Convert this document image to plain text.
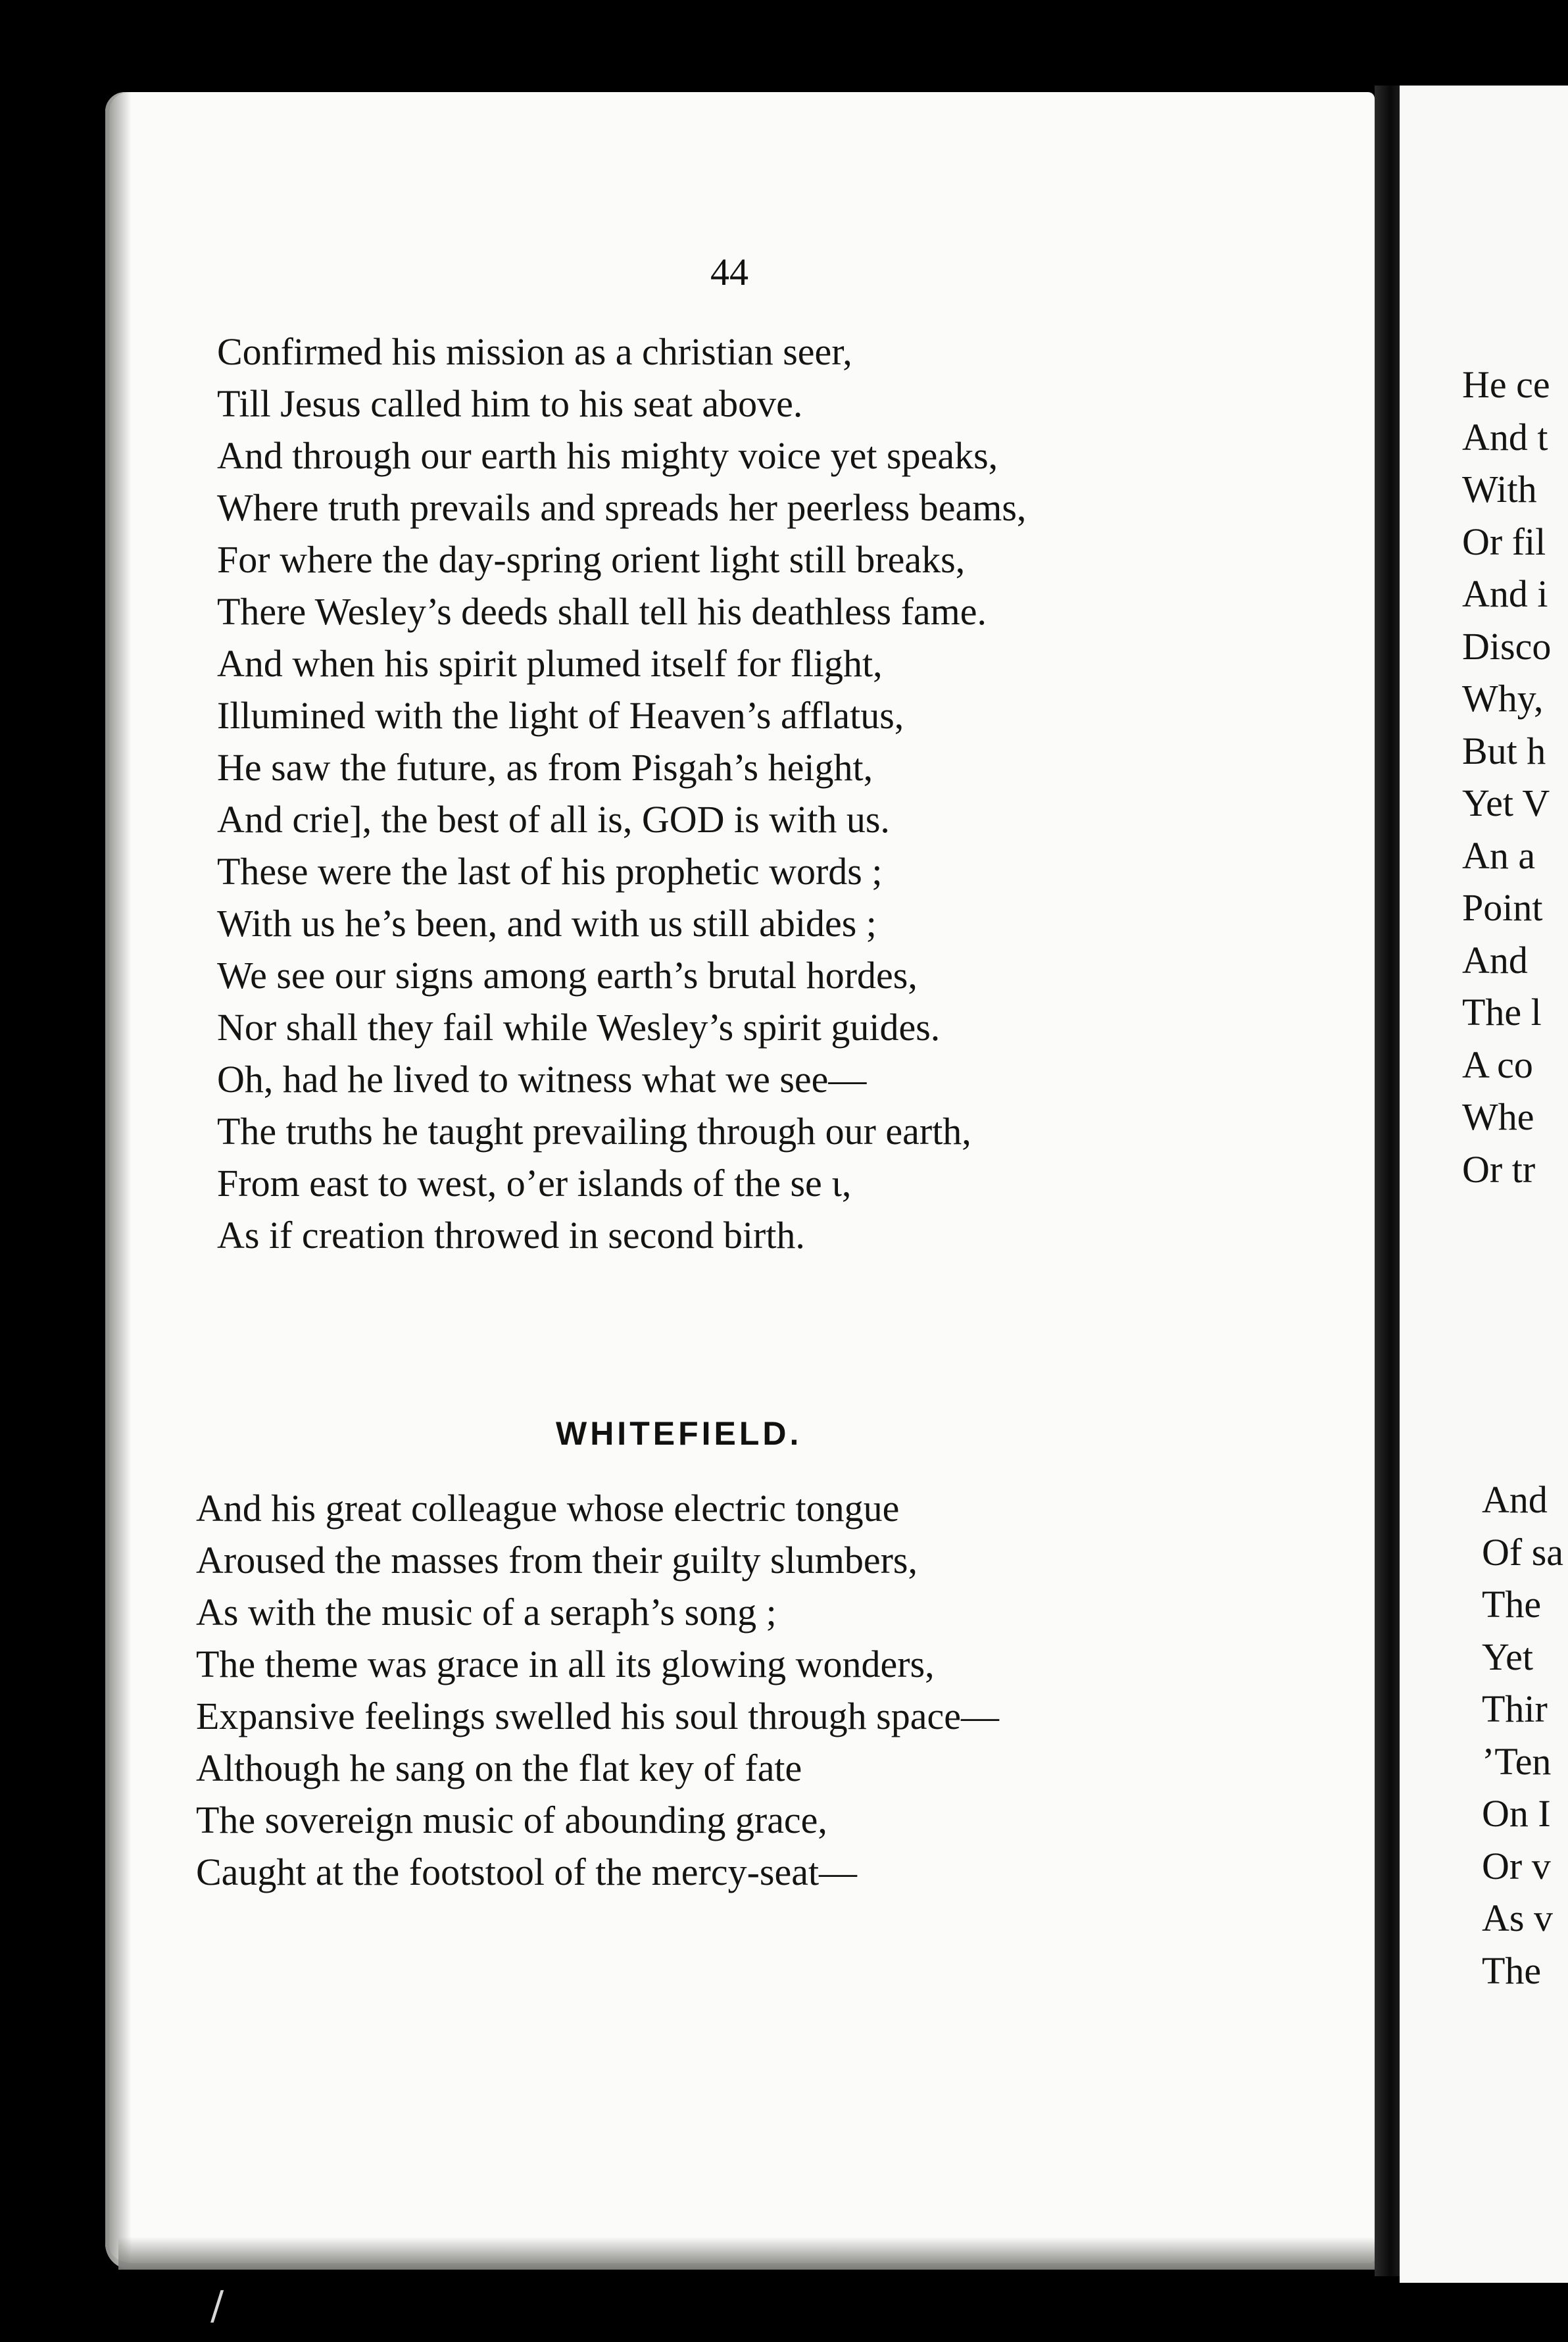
He ce
And t
With
Or fil
And i
Disco
Why,
But h
Yet V
An a
Point
And
The l
A co
Whe
Or tr
And
Of sa
The
Yet
Thir
’Ten
On I
Or v
As v
The
44
Confirmed his mission as a christian seer,
Till Jesus called him to his seat above.
And through our earth his mighty voice yet speaks,
Where truth prevails and spreads her peerless beams,
For where the day-spring orient light still breaks,
There Wesley’s deeds shall tell his deathless fame.
And when his spirit plumed itself for flight,
Illumined with the light of Heaven’s afflatus,
He saw the future, as from Pisgah’s height,
And crie], the best of all is, GOD is with us.
These were the last of his prophetic words ;
With us he’s been, and with us still abides ;
We see our signs among earth’s brutal hordes,
Nor shall they fail while Wesley’s spirit guides.
Oh, had he lived to witness what we see—
The truths he taught prevailing through our earth,
From east to west, o’er islands of the se ι,
As if creation throwed in second birth.
WHITEFIELD.
And his great colleague whose electric tongue
Aroused the masses from their guilty slumbers,
As with the music of a seraph’s song ;
The theme was grace in all its glowing wonders,
Expansive feelings swelled his soul through space—
Although he sang on the flat key of fate
The sovereign music of abounding grace,
Caught at the footstool of the mercy-seat—
/
